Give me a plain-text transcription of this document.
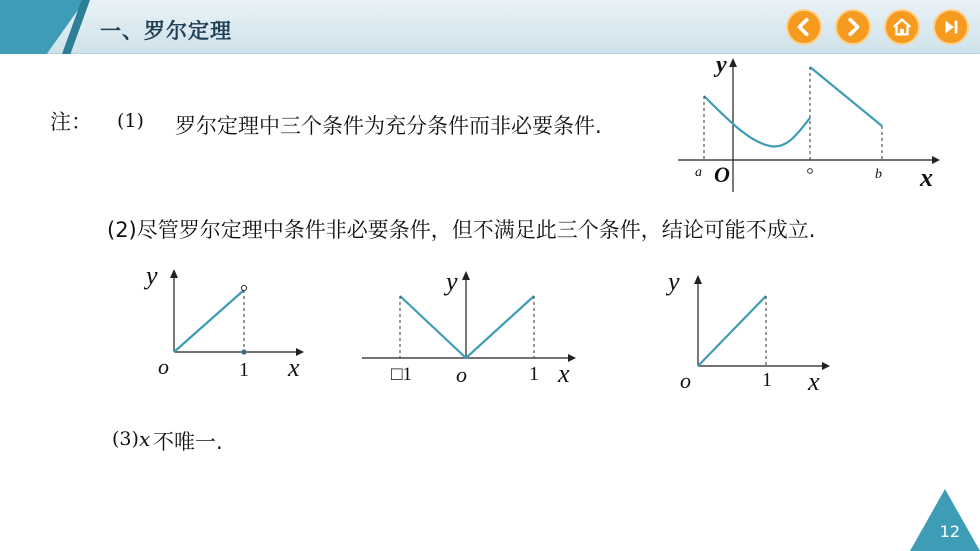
一、罗尔定理
注： (1) 罗尔定理中三个条件为充分条件而非必要条件.
y
x
O
a	b
(2)尽管罗尔定理中条件非必要条件，但不满足此三个条件，结论可能不成立.
y
x
o	1
y
x
o
□1	1
y
x
o	1
(3) x 不唯一.
12
